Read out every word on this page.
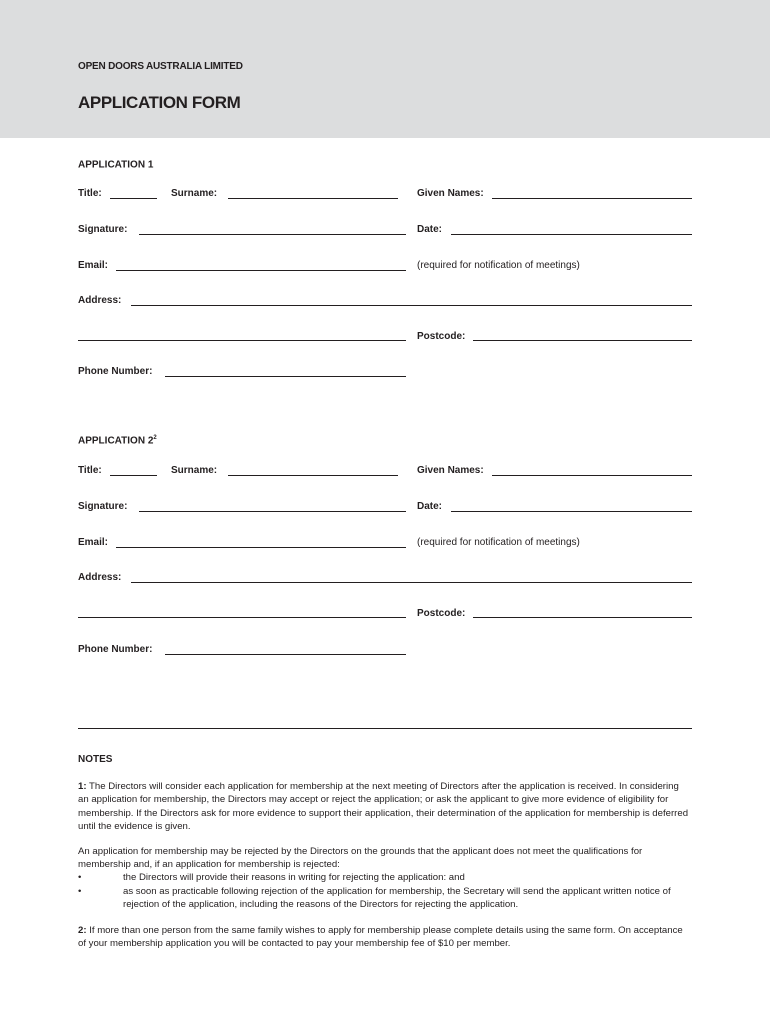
OPEN DOORS AUSTRALIA LIMITED
APPLICATION FORM
APPLICATION 1
Title:	Surname:	Given Names:
Signature:	Date:
Email:	(required for notification of meetings)
Address:
Postcode:
Phone Number:
APPLICATION $2^2$
Title:	Surname:	Given Names:
Signature:	Date:
Email:	(required for notification of meetings)
Address:
Postcode:
Phone Number:
NOTES
1: The Directors will consider each application for membership at the next meeting of Directors after the application is received. In considering an application for membership, the Directors may accept or reject the application; or ask the applicant to give more evidence of eligibility for membership. If the Directors ask for more evidence to support their application, their determination of the application for membership is deferred until the evidence is given.
An application for membership may be rejected by the Directors on the grounds that the applicant does not meet the qualifications for membership and, if an application for membership is rejected:
•	the Directors will provide their reasons in writing for rejecting the application: and
•	as soon as practicable following rejection of the application for membership, the Secretary will send the applicant written notice of rejection of the application, including the reasons of the Directors for rejecting the application.
2: If more than one person from the same family wishes to apply for membership please complete details using the same form. On acceptance of your membership application you will be contacted to pay your membership fee of $10 per member.
